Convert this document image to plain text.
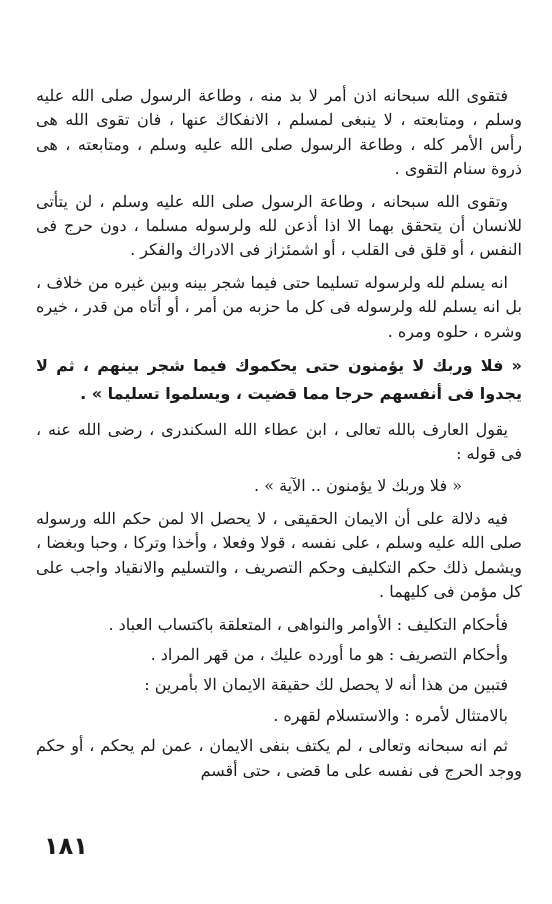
فتقوى الله سبحانه اذن أمر لا بد منه ، وطاعة الرسول صلى الله عليه وسلم ، ومتابعته ، لا ينبغى لمسلم ، الانفكاك عنها ، فان تقوى الله هى رأس الأمر كله ، وطاعة الرسول صلى الله عليه وسلم ، ومتابعته ، هى ذروة سنام التقوى .

وتقوى الله سبحانه ، وطاعة الرسول صلى الله عليه وسلم ، لن يتأتى للانسان أن يتحقق بهما الا اذا أذعن لله ولرسوله مسلما ، دون حرج فى النفس ، أو قلق فى القلب ، أو اشمئزاز فى الادراك والفكر .

انه يسلم لله ولرسوله تسليما حتى فيما شجر بينه وبين غيره من خلاف ، بل انه يسلم لله ولرسوله فى كل ما حزبه من أمر ، أو أتاه من قدر ، خيره وشره ، حلوه ومره .

« فلا وربك لا يؤمنون حتى يحكموك فيما شجر بينهم ، ثم لا يجدوا فى أنفسهم حرجا مما قضيت ، ويسلموا تسليما » .

يقول العارف بالله تعالى ، ابن عطاء الله السكندرى ، رضى الله عنه ، فى قوله :

« فلا وربك لا يؤمنون .. الآية » .

فيه دلالة على أن الايمان الحقيقى ، لا يحصل الا لمن حكم الله ورسوله صلى الله عليه وسلم ، على نفسه ، قولا وفعلا ، وأخذا وتركا ، وحبا وبغضا ، ويشمل ذلك حكم التكليف وحكم التصريف ، والتسليم والانقياد واجب على كل مؤمن فى كليهما .

فأحكام التكليف : الأوامر والنواهى ، المتعلقة باكتساب العباد .

وأحكام التصريف : هو ما أورده عليك ، من قهر المراد .

فتبين من هذا أنه لا يحصل لك حقيقة الايمان الا بأمرين :

بالامتثال لأمره : والاستسلام لقهره .

ثم انه سبحانه وتعالى ، لم يكتف بنفى الايمان ، عمن لم يحكم ، أو حكم ووجد الحرج فى نفسه على ما قضى ، حتى أقسم

١٨١
